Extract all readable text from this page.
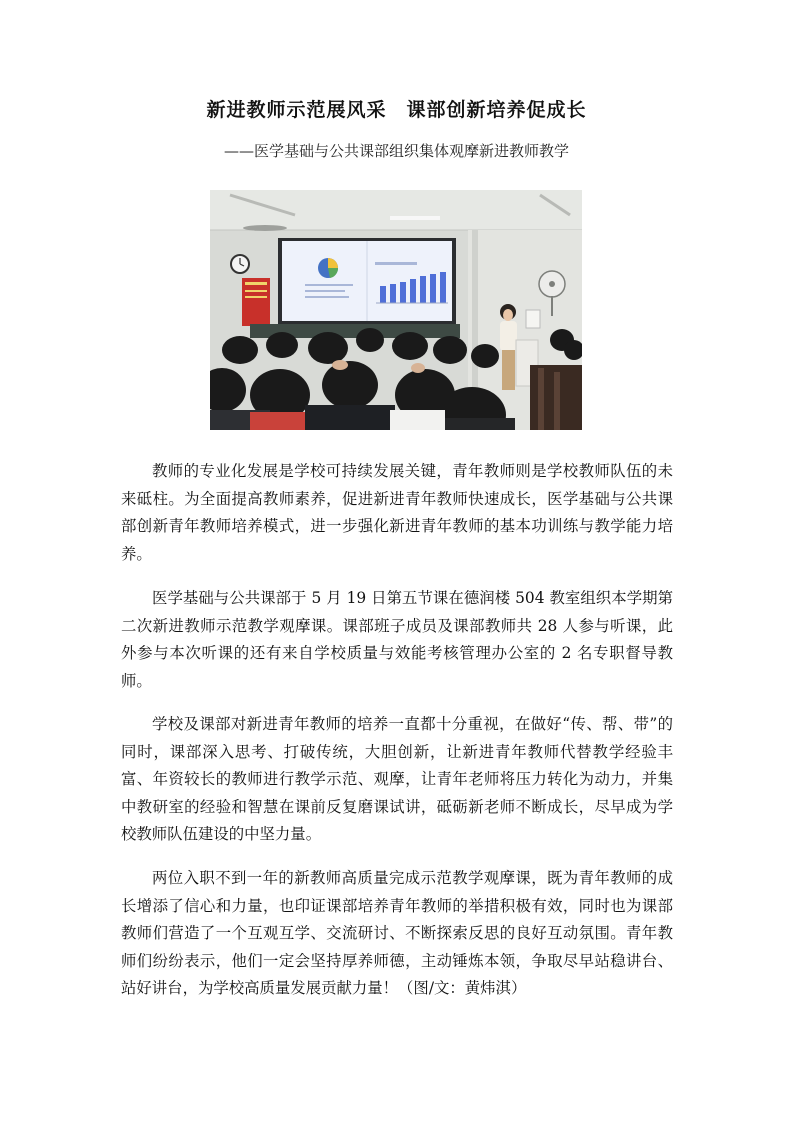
新进教师示范展风采　课部创新培养促成长
——医学基础与公共课部组织集体观摩新进教师教学

教师的专业化发展是学校可持续发展关键，青年教师则是学校教师队伍的未来砥柱。为全面提高教师素养，促进新进青年教师快速成长，医学基础与公共课部创新青年教师培养模式，进一步强化新进青年教师的基本功训练与教学能力培养。

医学基础与公共课部于 5 月 19 日第五节课在德润楼 504 教室组织本学期第二次新进教师示范教学观摩课。课部班子成员及课部教师共 28 人参与听课，此外参与本次听课的还有来自学校质量与效能考核管理办公室的 2 名专职督导教师。

学校及课部对新进青年教师的培养一直都十分重视，在做好“传、帮、带”的同时，课部深入思考、打破传统，大胆创新，让新进青年教师代替教学经验丰富、年资较长的教师进行教学示范、观摩，让青年老师将压力转化为动力，并集中教研室的经验和智慧在课前反复磨课试讲，砥砺新老师不断成长，尽早成为学校教师队伍建设的中坚力量。

两位入职不到一年的新教师高质量完成示范教学观摩课，既为青年教师的成长增添了信心和力量，也印证课部培养青年教师的举措积极有效，同时也为课部教师们营造了一个互观互学、交流研讨、不断探索反思的良好互动氛围。青年教师们纷纷表示，他们一定会坚持厚养师德，主动锤炼本领，争取尽早站稳讲台、站好讲台，为学校高质量发展贡献力量！（图/文：黄炜淇）
